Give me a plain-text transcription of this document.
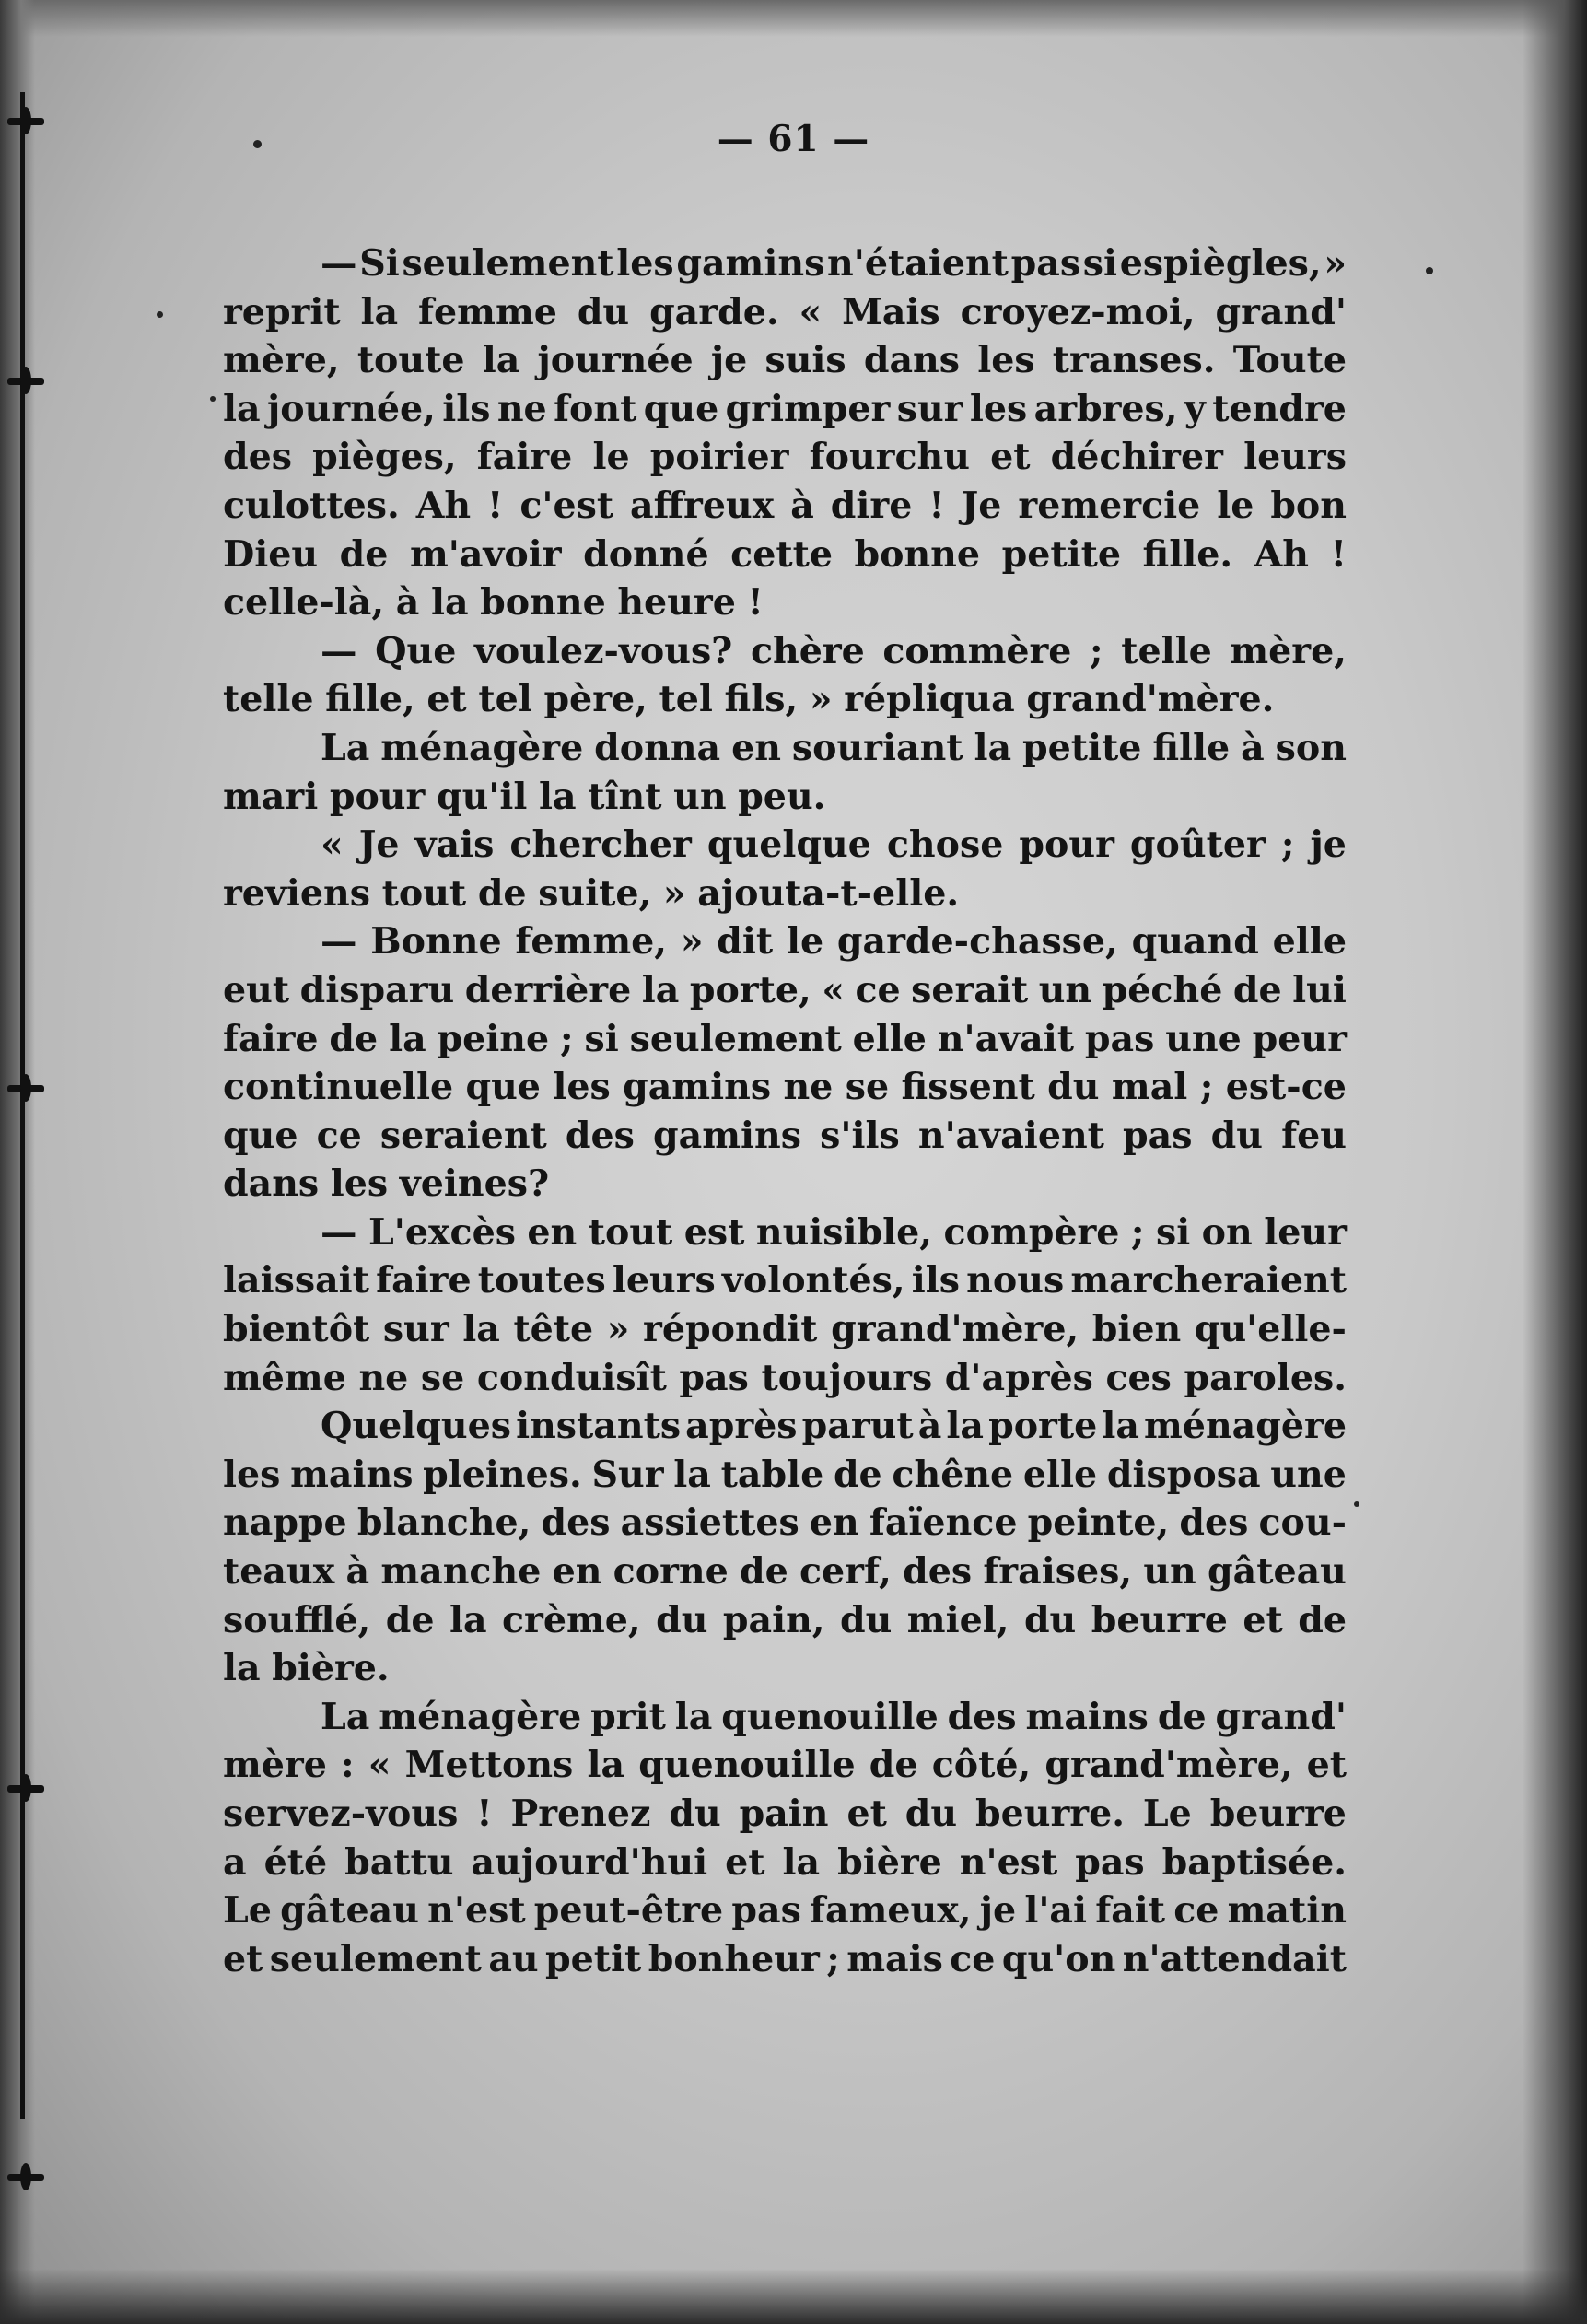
— 61 —
— Si seulement les gamins n'étaient pas si espiègles, »
reprit la femme du garde. « Mais croyez-moi, grand'
mère, toute la journée je suis dans les transes. Toute
la journée, ils ne font que grimper sur les arbres, y tendre
des pièges, faire le poirier fourchu et déchirer leurs
culottes. Ah ! c'est affreux à dire ! Je remercie le bon
Dieu de m'avoir donné cette bonne petite fille. Ah !
celle-là, à la bonne heure !
— Que voulez-vous? chère commère ; telle mère,
telle fille, et tel père, tel fils, » répliqua grand'mère.
La ménagère donna en souriant la petite fille à son
mari pour qu'il la tînt un peu.
« Je vais chercher quelque chose pour goûter ; je
reviens tout de suite, » ajouta-t-elle.
— Bonne femme, » dit le garde-chasse, quand elle
eut disparu derrière la porte, « ce serait un péché de lui
faire de la peine ; si seulement elle n'avait pas une peur
continuelle que les gamins ne se fissent du mal ; est-ce
que ce seraient des gamins s'ils n'avaient pas du feu
dans les veines?
— L'excès en tout est nuisible, compère ; si on leur
laissait faire toutes leurs volontés, ils nous marcheraient
bientôt sur la tête » répondit grand'mère, bien qu'elle-
même ne se conduisît pas toujours d'après ces paroles.
Quelques instants après parut à la porte la ménagère
les mains pleines. Sur la table de chêne elle disposa une
nappe blanche, des assiettes en faïence peinte, des cou-
teaux à manche en corne de cerf, des fraises, un gâteau
soufflé, de la crème, du pain, du miel, du beurre et de
la bière.
La ménagère prit la quenouille des mains de grand'
mère : « Mettons la quenouille de côté, grand'mère, et
servez-vous ! Prenez du pain et du beurre. Le beurre
a été battu aujourd'hui et la bière n'est pas baptisée.
Le gâteau n'est peut-être pas fameux, je l'ai fait ce matin
et seulement au petit bonheur ; mais ce qu'on n'attendait
